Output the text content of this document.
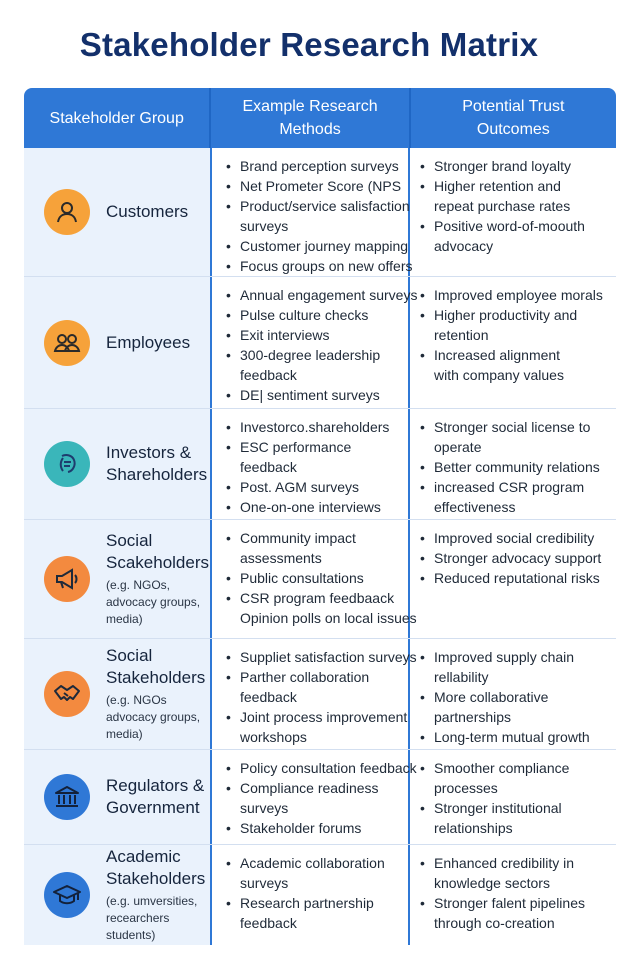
Stakeholder Research Matrix
Stakeholder Group
Example Research Methods
Potential Trust Outcomes
Customers
• Brand perception surveys
• Net Prometer Score (NPS
• Product/service salisfaction
surveys
• Customer journey mapping
• Focus groups on new offers
• Stronger brand loyalty
• Higher retention and
repeat purchase rates
• Positive word-of-moouth
advocacy
Employees
• Annual engagement surveys
• Pulse culture checks
• Exit interviews
• 300-degree leadership
feedback
• DE| sentiment surveys
• Improved employee morals
• Higher productivity and
retention
• Increased alignment
with company values
Investors & Shareholders
• Investorco.shareholders
• ESC performance
feedback
• Post. AGM surveys
• One-on-one interviews
• Stronger social license to
operate
• Better community relations
• increased CSR program
effectiveness
Social Scakeholders
(e.g. NGOs, advocacy groups, media)
• Community impact
assessments
• Public consultations
• CSR program feedbaack
Opinion polls on local issues
• Improved social credibility
• Stronger advocacy support
• Reduced reputational risks
Social Stakeholders
(e.g. NGOs advocacy groups, media)
• Suppliet satisfaction surveys
• Parther collaboration
feedback
• Joint process improvement
workshops
• Improved supply chain
rellability
• More collaborative
partnerships
• Long-term mutual growth
Regulators & Government
• Policy consultation feedback
• Compliance readiness
surveys
• Stakeholder forums
• Smoother compliance
processes
• Stronger institutional
relationships
Academic Stakeholders
(e.g. umversities, recearchers students)
• Academic collaboration
surveys
• Research partnership
feedback
• Enhanced credibility in
knowledge sectors
• Stronger falent pipelines
through co-creation
